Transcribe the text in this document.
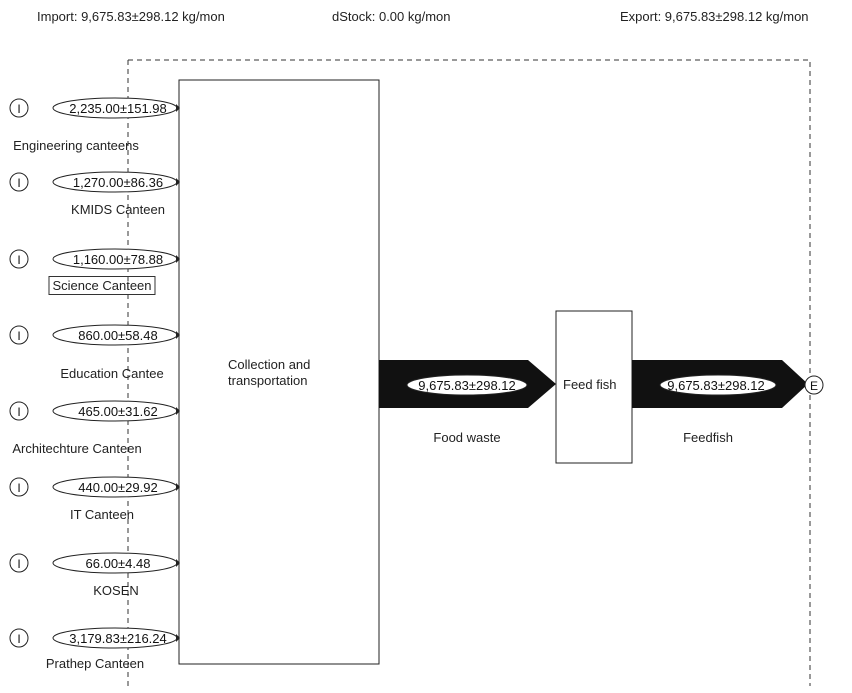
9,675.83±298.12	9,675.83±298.12	E
I	2,235.00±151.98
I	1,270.00±86.36
I	1,160.00±78.88
I	860.00±58.48
I	465.00±31.62
I	440.00±29.92
I	66.00±4.48
I	3,179.83±216.24
Import: 9,675.83±298.12 kg/mon	dStock: 0.00 kg/mon	Export: 9,675.83±298.12 kg/mon
Collection and
transportation	Feed fish
Food waste	Feedfish
Engineering canteens
KMIDS Canteen
Science Canteen
Education Cantee
Architechture Canteen
IT Canteen
KOSEN
Prathep Canteen
